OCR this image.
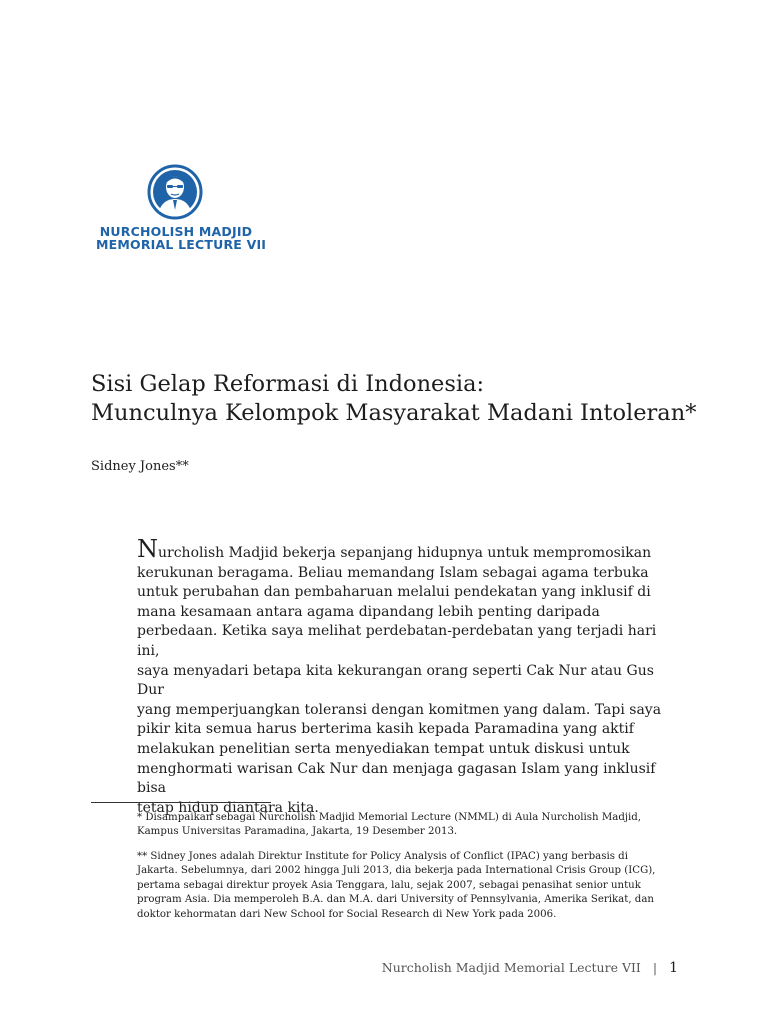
NURCHOLISH MADJID
MEMORIAL LECTURE VII
Sisi Gelap Reformasi di Indonesia:
Munculnya Kelompok Masyarakat Madani Intoleran*
Sidney Jones**

Nurcholish Madjid bekerja sepanjang hidupnya untuk mempromosikan
kerukunan beragama. Beliau memandang Islam sebagai agama terbuka
untuk perubahan dan pembaharuan melalui pendekatan yang inklusif di
mana kesamaan antara agama dipandang lebih penting daripada
perbedaan. Ketika saya melihat perdebatan-perdebatan yang terjadi hari ini,
saya menyadari betapa kita kekurangan orang seperti Cak Nur atau Gus Dur
yang memperjuangkan toleransi dengan komitmen yang dalam. Tapi saya
pikir kita semua harus berterima kasih kepada Paramadina yang aktif
melakukan penelitian serta menyediakan tempat untuk diskusi untuk
menghormati warisan Cak Nur dan menjaga gagasan Islam yang inklusif bisa
tetap hidup diantara kita.

* Disampaikan sebagai Nurcholish Madjid Memorial Lecture (NMML) di Aula Nurcholish Madjid,
Kampus Universitas Paramadina, Jakarta, 19 Desember 2013.

** Sidney Jones adalah Direktur Institute for Policy Analysis of Conflict (IPAC) yang berbasis di
Jakarta. Sebelumnya, dari 2002 hingga Juli 2013, dia bekerja pada International Crisis Group (ICG),
pertama sebagai direktur proyek Asia Tenggara, lalu, sejak 2007, sebagai penasihat senior untuk
program Asia. Dia memperoleh B.A. dan M.A. dari University of Pennsylvania, Amerika Serikat, dan
doktor kehormatan dari New School for Social Research di New York pada 2006.

Nurcholish Madjid Memorial Lecture VII | 1
